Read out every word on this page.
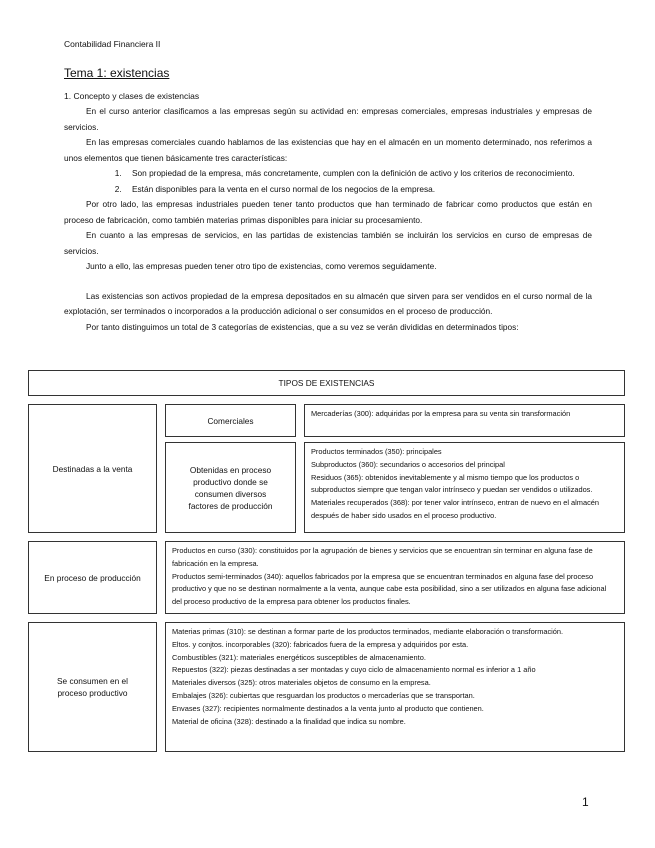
Contabilidad Financiera II
Tema 1: existencias
1. Concepto y clases de existencias

En el curso anterior clasificamos a las empresas según su actividad en: empresas comerciales, empresas industriales y empresas de servicios.

En las empresas comerciales cuando hablamos de las existencias que hay en el almacén en un momento determinado, nos referimos a unos elementos que tienen básicamente tres características:

1. Son propiedad de la empresa, más concretamente, cumplen con la definición de activo y los criterios de reconocimiento.
2. Están disponibles para la venta en el curso normal de los negocios de la empresa.

Por otro lado, las empresas industriales pueden tener tanto productos que han terminado de fabricar como productos que están en proceso de fabricación, como también materias primas disponibles para iniciar su procesamiento.

En cuanto a las empresas de servicios, en las partidas de existencias también se incluirán los servicios en curso de empresas de servicios.

Junto a ello, las empresas pueden tener otro tipo de existencias, como veremos seguidamente.

Las existencias son activos propiedad de la empresa depositados en su almacén que sirven para ser vendidos en el curso normal de la explotación, ser terminados o incorporados a la producción adicional o ser consumidos en el proceso de producción.

Por tanto distinguimos un total de 3 categorías de existencias, que a su vez se verán divididas en determinados tipos:

TIPOS DE EXISTENCIAS
Destinadas a la venta
Comerciales

Mercaderías (300): adquiridas por la empresa para su venta sin transformación

Obtenidas en proceso productivo donde se consumen diversos factores de producción

Productos terminados (350): principales

Subproductos (360): secundarios o accesorios del principal

Residuos (365): obtenidos inevitablemente y al mismo tiempo que los productos o subproductos siempre que tengan valor intrínseco y puedan ser vendidos o utilizados.

Materiales recuperados (368): por tener valor intrínseco, entran de nuevo en el almacén después de haber sido usados en el proceso productivo.

En proceso de producción

Productos en curso (330): constituidos por la agrupación de bienes y servicios que se encuentran sin terminar en alguna fase de fabricación en la empresa.

Productos semi-terminados (340): aquellos fabricados por la empresa que se encuentran terminados en alguna fase del proceso productivo y que no se destinan normalmente a la venta, aunque cabe esta posibilidad, sino a ser utilizados en alguna fase adicional del proceso productivo de la empresa para obtener los productos finales.

Se consumen en el proceso productivo

Materias primas (310): se destinan a formar parte de los productos terminados, mediante elaboración o transformación.

Eltos. y conjtos. incorporables (320): fabricados fuera de la empresa y adquiridos por esta.

Combustibles (321): materiales energéticos susceptibles de almacenamiento.

Repuestos (322): piezas destinadas a ser montadas y cuyo ciclo de almacenamiento normal es inferior a 1 año

Materiales diversos (325): otros materiales objetos de consumo en la empresa.

Embalajes (326): cubiertas que resguardan los productos o mercaderías que se transportan.

Envases (327): recipientes normalmente destinados a la venta junto al producto que contienen.

Material de oficina (328): destinado a la finalidad que indica su nombre.

1
